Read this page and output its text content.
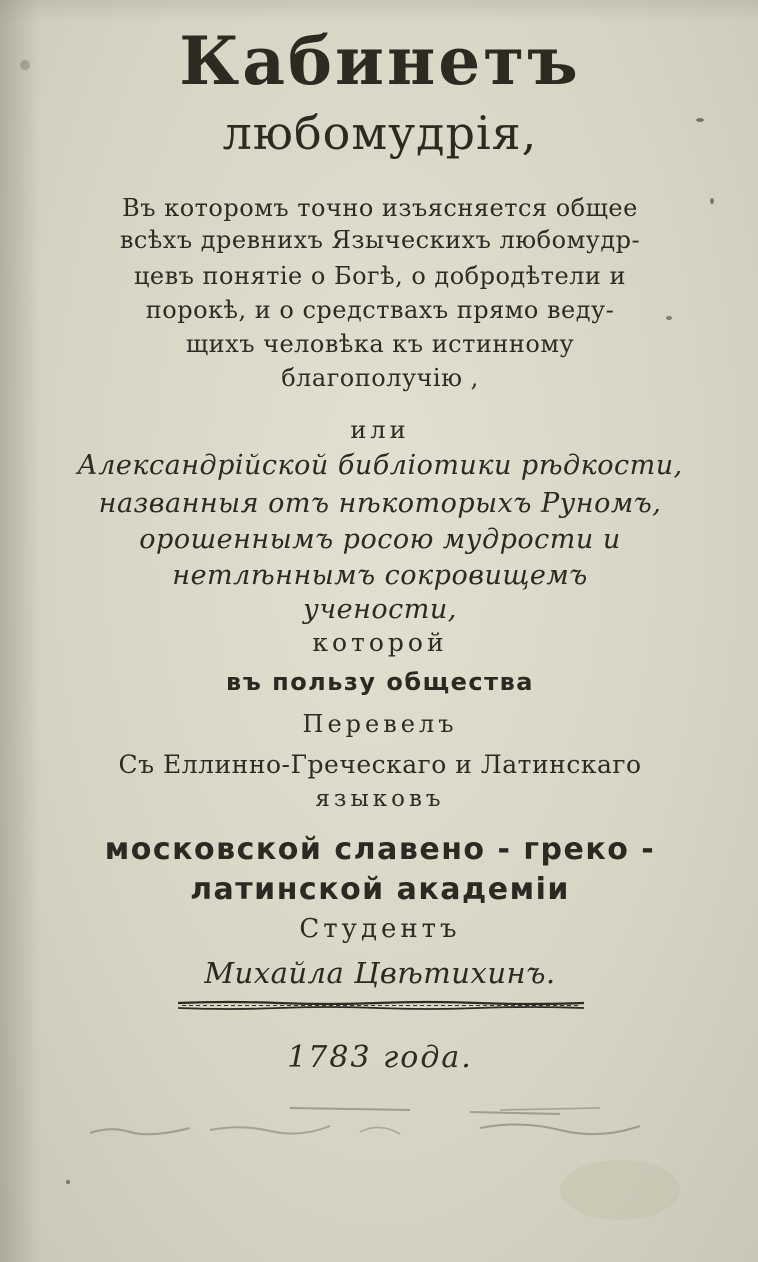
Кабинетъ
любомудрія,
Въ которомъ точно изъясняется общее
всѣхъ древнихъ Языческихъ любомудр-
цевъ понятіе о Богѣ, о добродѣтели и
порокѣ, и о средствахъ прямо веду-
щихъ человѣка къ истинному
благополучію ,
или
Александрійской библіотики рѣдкости,
названныя отъ нѣкоторыхъ Руномъ,
орошеннымъ росою мудрости и
нетлѣннымъ сокровищемъ
учености,
которой
въ пользу общества
Перевелъ
Съ Еллинно-Греческаго и Латинскаго
языковъ
московской славено - греко -
латинской академіи
Студентъ
Михайла Цвѣтихинъ.
1783 года.
